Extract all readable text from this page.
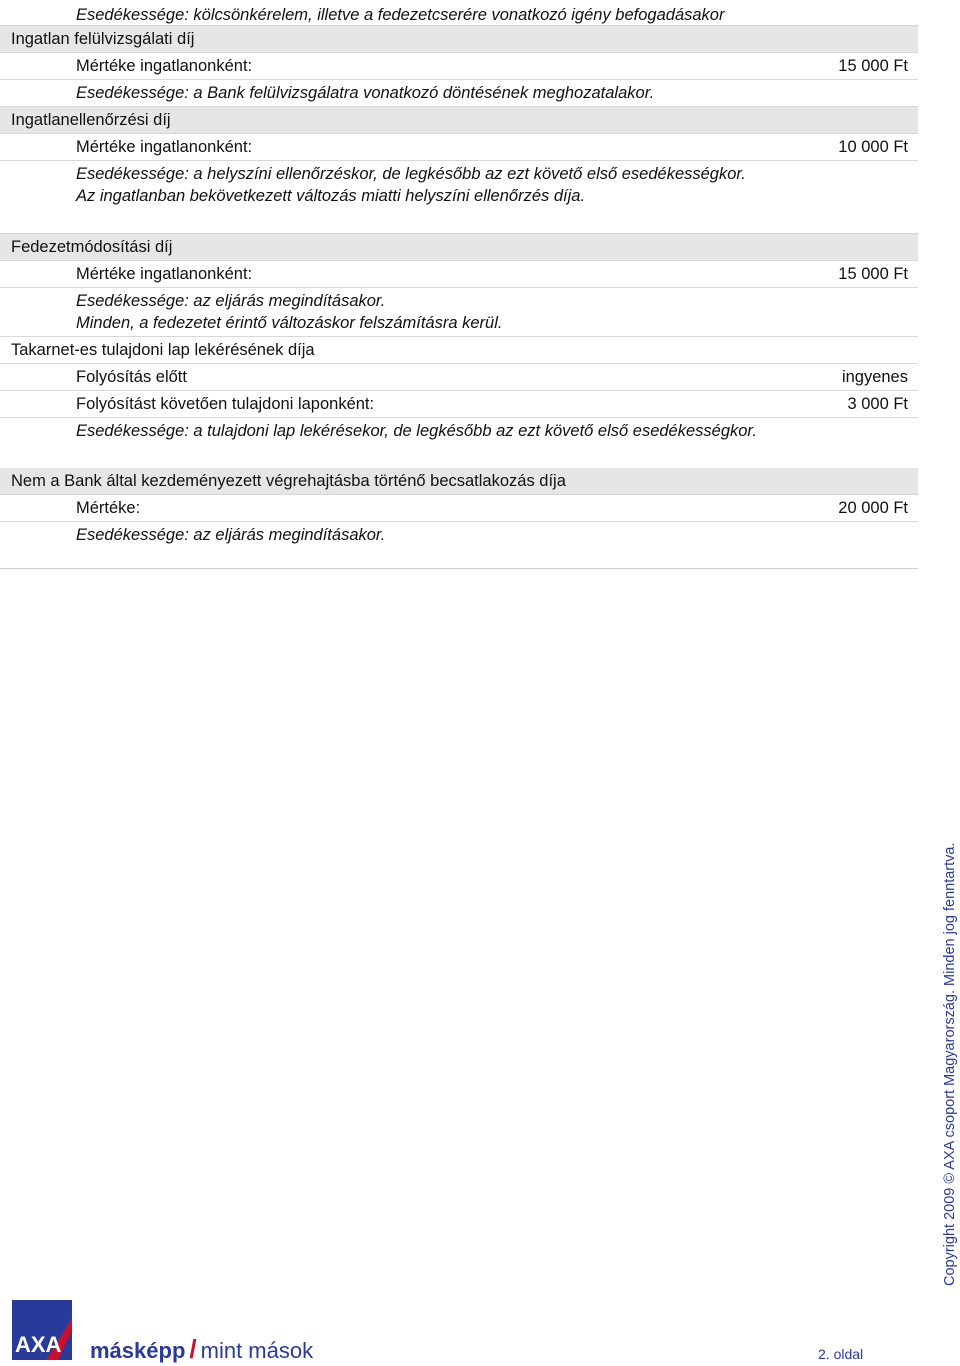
Esedékessége: kölcsönkérelem, illetve a fedezetcserére vonatkozó igény befogadásakor
Ingatlan felülvizsgálati díj
Mértéke ingatlanonként:	15 000 Ft
Esedékessége: a Bank felülvizsgálatra vonatkozó döntésének meghozatalakor.
Ingatlanellenőrzési díj
Mértéke ingatlanonként:	10 000 Ft
Esedékessége: a helyszíni ellenőrzéskor, de legkésőbb az ezt követő első esedékességkor.
Az ingatlanban bekövetkezett változás miatti helyszíni ellenőrzés díja.
Fedezetmódosítási díj
Mértéke ingatlanonként:	15 000 Ft
Esedékessége: az eljárás megindításakor.
Minden, a fedezetet érintő változáskor felszámításra kerül.
Takarnet-es tulajdoni lap lekérésének díja
Folyósítás előtt	ingyenes
Folyósítást követően tulajdoni laponként:	3 000 Ft
Esedékessége: a tulajdoni lap lekérésekor, de legkésőbb az ezt követő első esedékességkor.
Nem a Bank által kezdeményezett végrehajtásba történő becsatlakozás díja
Mértéke:	20 000 Ft
Esedékessége: az eljárás megindításakor.
Copyright 2009 © AXA csoport Magyarország. Minden jog fenntartva.
AXA másképp / mint mások	2. oldal
